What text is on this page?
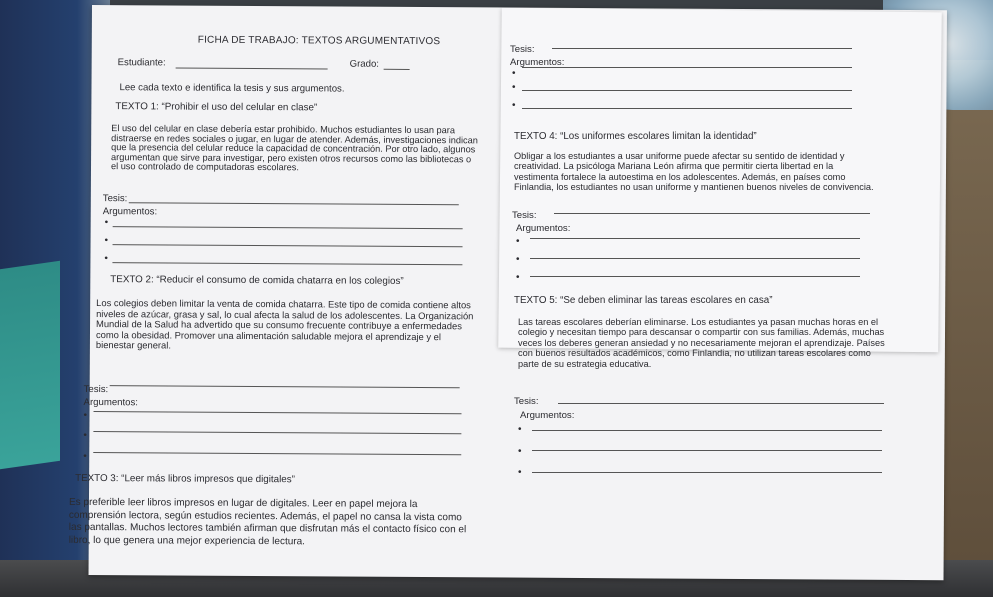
FICHA DE TRABAJO: TEXTOS ARGUMENTATIVOS
Estudiante:	Grado:
Lee cada texto e identifica la tesis y sus argumentos.
TEXTO 1: “Prohibir el uso del celular en clase”
El uso del celular en clase debería estar prohibido. Muchos estudiantes lo usan para
distraerse en redes sociales o jugar, en lugar de atender. Además, investigaciones indican
que la presencia del celular reduce la capacidad de concentración. Por otro lado, algunos
argumentan que sirve para investigar, pero existen otros recursos como las bibliotecas o
el uso controlado de computadoras escolares.
Tesis:
Argumentos:
•
•
•
TEXTO 2: “Reducir el consumo de comida chatarra en los colegios”
Los colegios deben limitar la venta de comida chatarra. Este tipo de comida contiene altos
niveles de azúcar, grasa y sal, lo cual afecta la salud de los adolescentes. La Organización
Mundial de la Salud ha advertido que su consumo frecuente contribuye a enfermedades
como la obesidad. Promover una alimentación saludable mejora el aprendizaje y el
bienestar general.
Tesis:
Argumentos:
•
•
•
TEXTO 3: “Leer más libros impresos que digitales”
Es preferible leer libros impresos en lugar de digitales. Leer en papel mejora la
comprensión lectora, según estudios recientes. Además, el papel no cansa la vista como
las pantallas. Muchos lectores también afirman que disfrutan más el contacto físico con el
libro, lo que genera una mejor experiencia de lectura.
Tesis:
Argumentos:
•
•
•
TEXTO 4: “Los uniformes escolares limitan la identidad”
Obligar a los estudiantes a usar uniforme puede afectar su sentido de identidad y
creatividad. La psicóloga Mariana León afirma que permitir cierta libertad en la
vestimenta fortalece la autoestima en los adolescentes. Además, en países como
Finlandia, los estudiantes no usan uniforme y mantienen buenos niveles de convivencia.
Tesis:
Argumentos:
•
•
•
TEXTO 5: “Se deben eliminar las tareas escolares en casa”
Las tareas escolares deberían eliminarse. Los estudiantes ya pasan muchas horas en el
colegio y necesitan tiempo para descansar o compartir con sus familias. Además, muchas
veces los deberes generan ansiedad y no necesariamente mejoran el aprendizaje. Países
con buenos resultados académicos, como Finlandia, no utilizan tareas escolares como
parte de su estrategia educativa.
Tesis:
Argumentos:
•
•
•
